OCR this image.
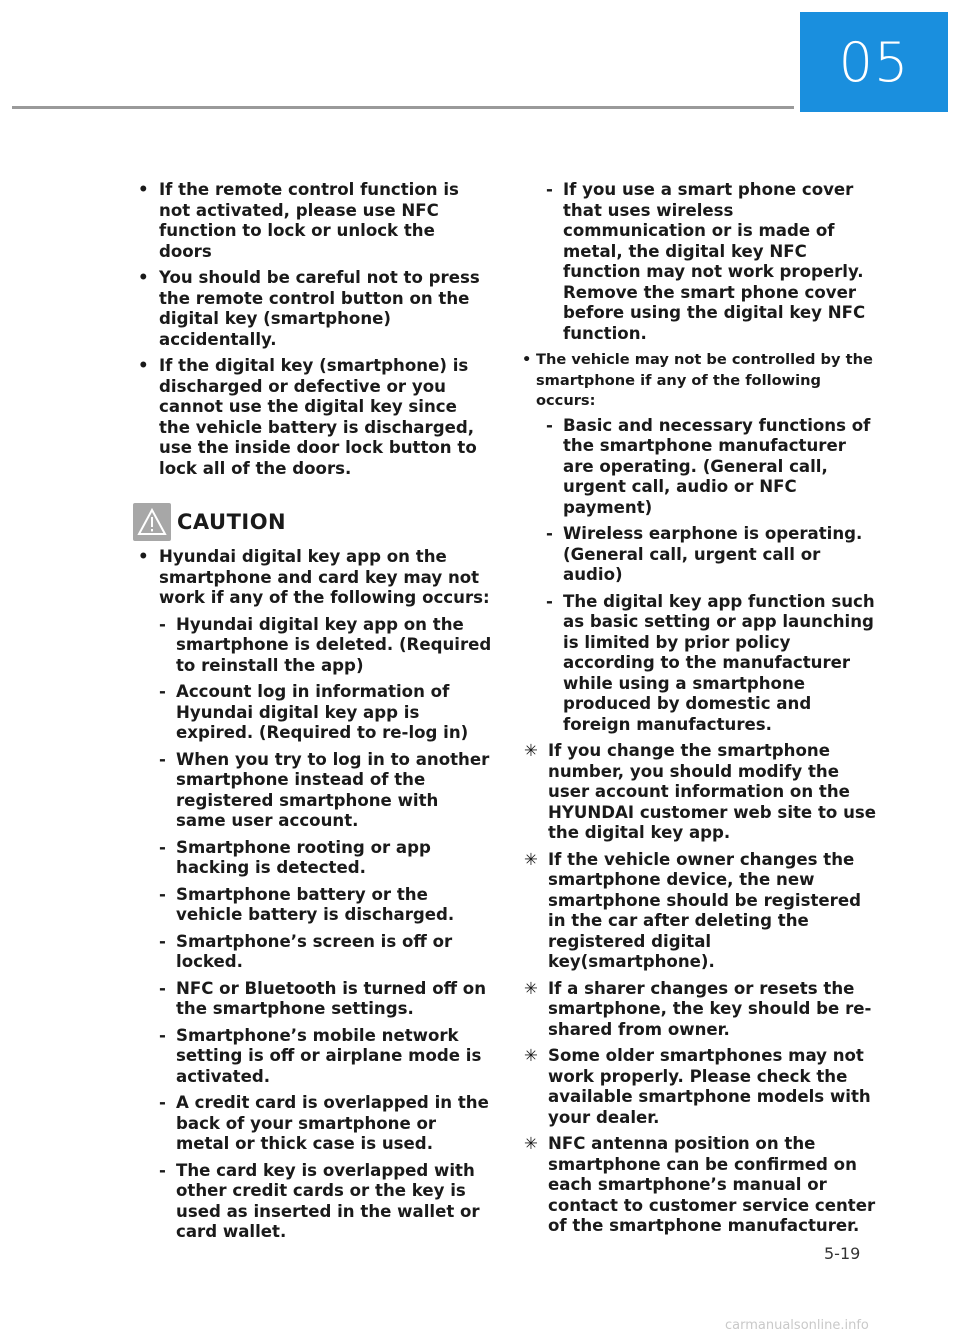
05
• If the remote control function is not activated, please use NFC function to lock or unlock the doors
• You should be careful not to press the remote control button on the digital key (smartphone) accidentally.
• If the digital key (smartphone) is discharged or defective or you cannot use the digital key since the vehicle battery is discharged, use the inside door lock button to lock all of the doors.
CAUTION
• Hyundai digital key app on the smartphone and card key may not work if any of the following occurs:
- Hyundai digital key app on the smartphone is deleted. (Required to reinstall the app)
- Account log in information of Hyundai digital key app is expired. (Required to re-log in)
- When you try to log in to another smartphone instead of the registered smartphone with same user account.
- Smartphone rooting or app hacking is detected.
- Smartphone battery or the vehicle battery is discharged.
- Smartphone’s screen is off or locked.
- NFC or Bluetooth is turned off on the smartphone settings.
- Smartphone’s mobile network setting is off or airplane mode is activated.
- A credit card is overlapped in the back of your smartphone or metal or thick case is used.
- The card key is overlapped with other credit cards or the key is used as inserted in the wallet or card wallet.
- If you use a smart phone cover that uses wireless communication or is made of metal, the digital key NFC function may not work properly. Remove the smart phone cover before using the digital key NFC function.
• The vehicle may not be controlled by the smartphone if any of the following occurs:
- Basic and necessary functions of the smartphone manufacturer are operating. (General call, urgent call, audio or NFC payment)
- Wireless earphone is operating. (General call, urgent call or audio)
- The digital key app function such as basic setting or app launching is limited by prior policy according to the manufacturer while using a smartphone produced by domestic and foreign manufactures.
✳ If you change the smartphone number, you should modify the user account information on the HYUNDAI customer web site to use the digital key app.
✳ If the vehicle owner changes the smartphone device, the new smartphone should be registered in the car after deleting the registered digital key(smartphone).
✳ If a sharer changes or resets the smartphone, the key should be re-shared from owner.
✳ Some older smartphones may not work properly. Please check the available smartphone models with your dealer.
✳ NFC antenna position on the smartphone can be confirmed on each smartphone’s manual or contact to customer service center of the smartphone manufacturer.
5-19
carmanualsonline.info
